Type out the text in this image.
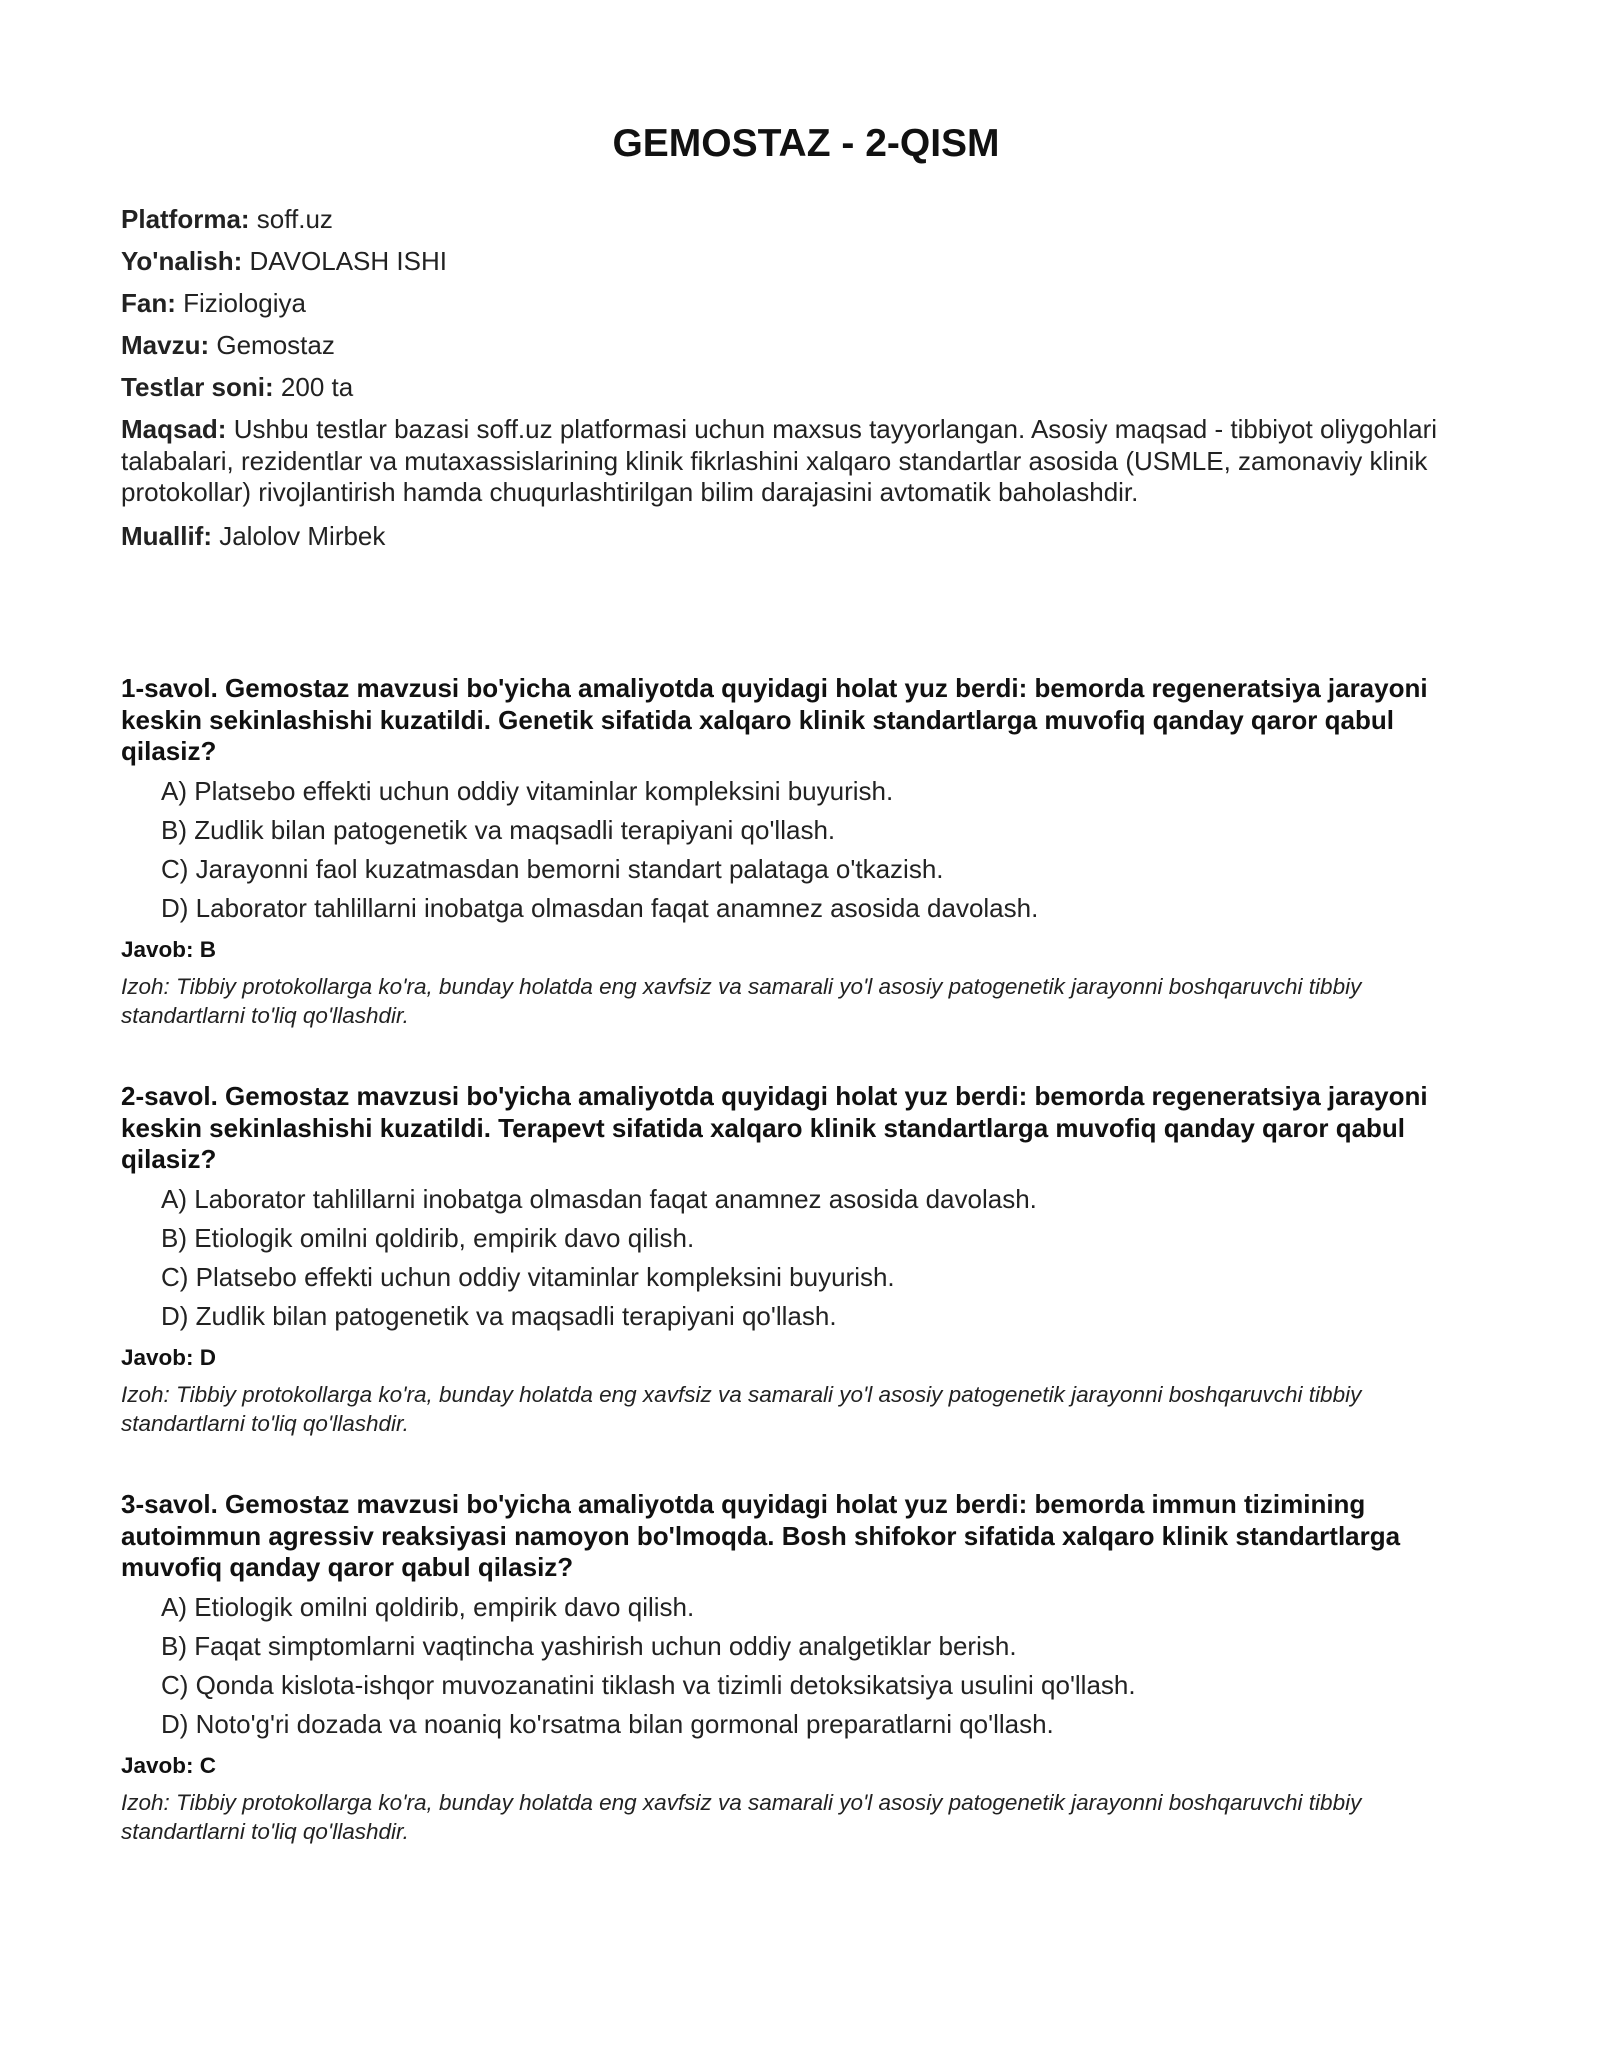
GEMOSTAZ - 2-QISM
Platforma: soff.uz
Yo'nalish: DAVOLASH ISHI
Fan: Fiziologiya
Mavzu: Gemostaz
Testlar soni: 200 ta
Maqsad: Ushbu testlar bazasi soff.uz platformasi uchun maxsus tayyorlangan. Asosiy maqsad - tibbiyot oliygohlari talabalari, rezidentlar va mutaxassislarining klinik fikrlashini xalqaro standartlar asosida (USMLE, zamonaviy klinik protokollar) rivojlantirish hamda chuqurlashtirilgan bilim darajasini avtomatik baholashdir.
Muallif: Jalolov Mirbek
1-savol. Gemostaz mavzusi bo'yicha amaliyotda quyidagi holat yuz berdi: bemorda regeneratsiya jarayoni keskin sekinlashishi kuzatildi. Genetik sifatida xalqaro klinik standartlarga muvofiq qanday qaror qabul qilasiz?
A) Platsebo effekti uchun oddiy vitaminlar kompleksini buyurish.
B) Zudlik bilan patogenetik va maqsadli terapiyani qo'llash.
C) Jarayonni faol kuzatmasdan bemorni standart palataga o'tkazish.
D) Laborator tahlillarni inobatga olmasdan faqat anamnez asosida davolash.
Javob: B
Izoh: Tibbiy protokollarga ko'ra, bunday holatda eng xavfsiz va samarali yo'l asosiy patogenetik jarayonni boshqaruvchi tibbiy standartlarni to'liq qo'llashdir.
2-savol. Gemostaz mavzusi bo'yicha amaliyotda quyidagi holat yuz berdi: bemorda regeneratsiya jarayoni keskin sekinlashishi kuzatildi. Terapevt sifatida xalqaro klinik standartlarga muvofiq qanday qaror qabul qilasiz?
A) Laborator tahlillarni inobatga olmasdan faqat anamnez asosida davolash.
B) Etiologik omilni qoldirib, empirik davo qilish.
C) Platsebo effekti uchun oddiy vitaminlar kompleksini buyurish.
D) Zudlik bilan patogenetik va maqsadli terapiyani qo'llash.
Javob: D
Izoh: Tibbiy protokollarga ko'ra, bunday holatda eng xavfsiz va samarali yo'l asosiy patogenetik jarayonni boshqaruvchi tibbiy standartlarni to'liq qo'llashdir.
3-savol. Gemostaz mavzusi bo'yicha amaliyotda quyidagi holat yuz berdi: bemorda immun tizimining autoimmun agressiv reaksiyasi namoyon bo'lmoqda. Bosh shifokor sifatida xalqaro klinik standartlarga muvofiq qanday qaror qabul qilasiz?
A) Etiologik omilni qoldirib, empirik davo qilish.
B) Faqat simptomlarni vaqtincha yashirish uchun oddiy analgetiklar berish.
C) Qonda kislota-ishqor muvozanatini tiklash va tizimli detoksikatsiya usulini qo'llash.
D) Noto'g'ri dozada va noaniq ko'rsatma bilan gormonal preparatlarni qo'llash.
Javob: C
Izoh: Tibbiy protokollarga ko'ra, bunday holatda eng xavfsiz va samarali yo'l asosiy patogenetik jarayonni boshqaruvchi tibbiy standartlarni to'liq qo'llashdir.
